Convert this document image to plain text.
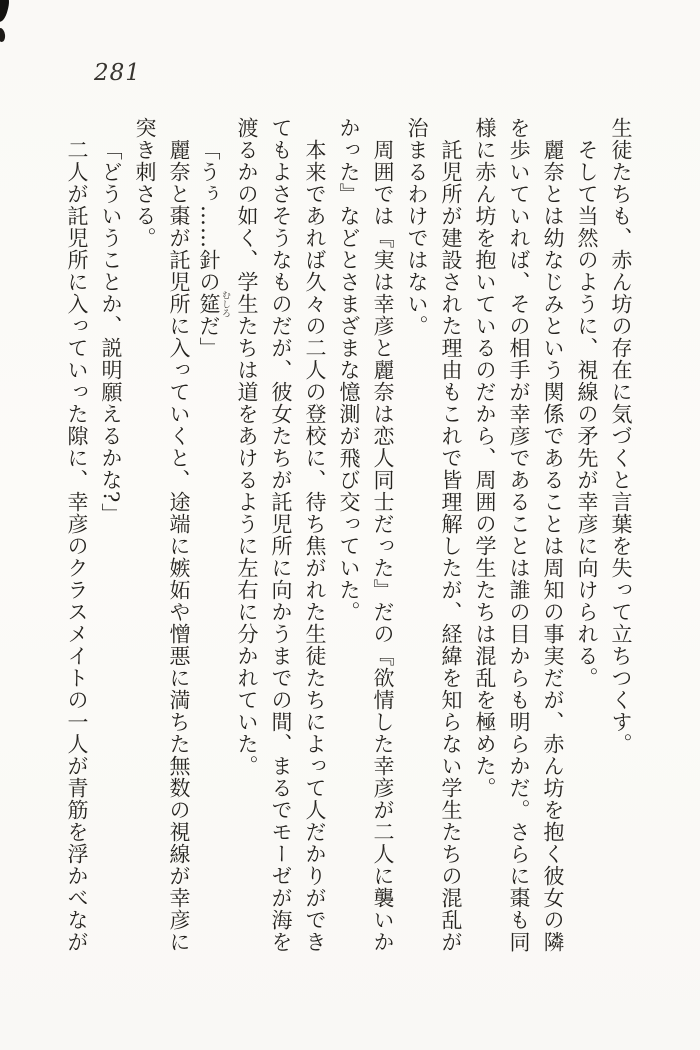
281
生徒たちも、赤ん坊の存在に気づくと言葉を失って立ちつくす。
そして当然のように、視線の矛先が幸彦に向けられる。
麗奈とは幼なじみという関係であることは周知の事実だが、赤ん坊を抱く彼女の隣
を歩いていれば、その相手が幸彦であることは誰の目からも明らかだ。さらに棗も同
様に赤ん坊を抱いているのだから、周囲の学生たちは混乱を極めた。
託児所が建設された理由もこれで皆理解したが、経緯を知らない学生たちの混乱が
治まるわけではない。
周囲では『実は幸彦と麗奈は恋人同士だった』だの『欲情した幸彦が二人に襲いか
かった』などとさまざまな憶測が飛び交っていた。
本来であれば久々の二人の登校に、待ち焦がれた生徒たちによって人だかりができ
てもよさそうなものだが、彼女たちが託児所に向かうまでの間、まるでモーゼが海を
渡るかの如く、学生たちは道をあけるように左右に分かれていた。
「うぅ……針の筵 むしろだ」
麗奈と棗が託児所に入っていくと、途端に嫉妬や憎悪に満ちた無数の視線が幸彦に
突き刺さる。
「どういうことか、説明願えるかな?」
二人が託児所に入っていった隙に、幸彦のクラスメイトの一人が青筋を浮かべなが
